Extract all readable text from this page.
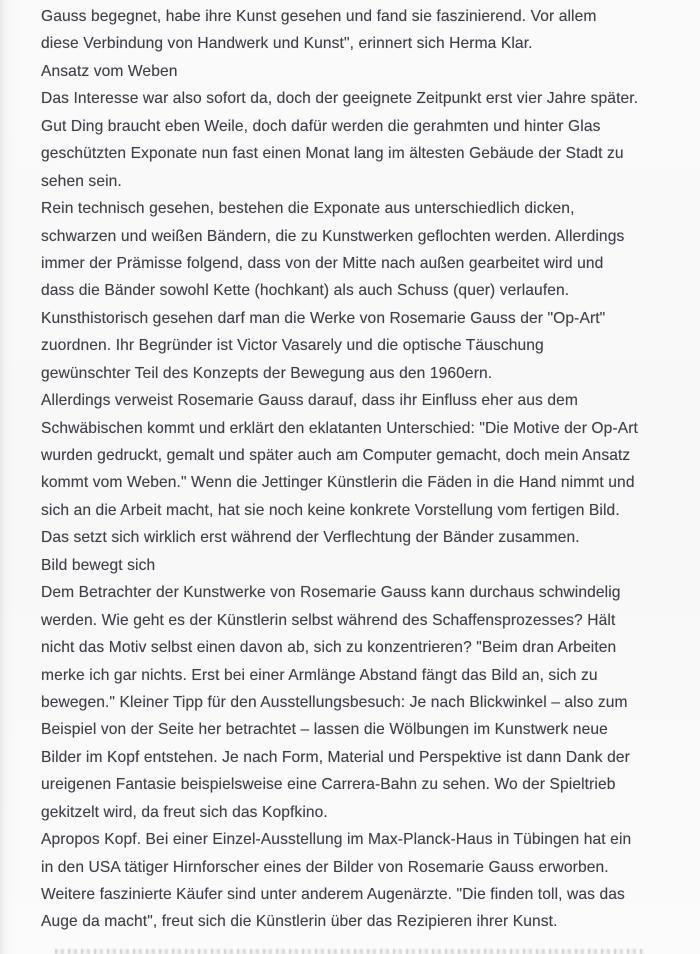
Gauss begegnet, habe ihre Kunst gesehen und fand sie faszinierend. Vor allem
diese Verbindung von Handwerk und Kunst", erinnert sich Herma Klar.
Ansatz vom Weben
Das Interesse war also sofort da, doch der geeignete Zeitpunkt erst vier Jahre später.
Gut Ding braucht eben Weile, doch dafür werden die gerahmten und hinter Glas
geschützten Exponate nun fast einen Monat lang im ältesten Gebäude der Stadt zu
sehen sein.
Rein technisch gesehen, bestehen die Exponate aus unterschiedlich dicken,
schwarzen und weißen Bändern, die zu Kunstwerken geflochten werden. Allerdings
immer der Prämisse folgend, dass von der Mitte nach außen gearbeitet wird und
dass die Bänder sowohl Kette (hochkant) als auch Schuss (quer) verlaufen.
Kunsthistorisch gesehen darf man die Werke von Rosemarie Gauss der "Op-Art"
zuordnen. Ihr Begründer ist Victor Vasarely und die optische Täuschung
gewünschter Teil des Konzepts der Bewegung aus den 1960ern.
Allerdings verweist Rosemarie Gauss darauf, dass ihr Einfluss eher aus dem
Schwäbischen kommt und erklärt den eklatanten Unterschied: "Die Motive der Op-Art
wurden gedruckt, gemalt und später auch am Computer gemacht, doch mein Ansatz
kommt vom Weben." Wenn die Jettinger Künstlerin die Fäden in die Hand nimmt und
sich an die Arbeit macht, hat sie noch keine konkrete Vorstellung vom fertigen Bild.
Das setzt sich wirklich erst während der Verflechtung der Bänder zusammen.
Bild bewegt sich
Dem Betrachter der Kunstwerke von Rosemarie Gauss kann durchaus schwindelig
werden. Wie geht es der Künstlerin selbst während des Schaffensprozesses? Hält
nicht das Motiv selbst einen davon ab, sich zu konzentrieren? "Beim dran Arbeiten
merke ich gar nichts. Erst bei einer Armlänge Abstand fängt das Bild an, sich zu
bewegen." Kleiner Tipp für den Ausstellungsbesuch: Je nach Blickwinkel – also zum
Beispiel von der Seite her betrachtet – lassen die Wölbungen im Kunstwerk neue
Bilder im Kopf entstehen. Je nach Form, Material und Perspektive ist dann Dank der
ureigenen Fantasie beispielsweise eine Carrera-Bahn zu sehen. Wo der Spieltrieb
gekitzelt wird, da freut sich das Kopfkino.
Apropos Kopf. Bei einer Einzel-Ausstellung im Max-Planck-Haus in Tübingen hat ein
in den USA tätiger Hirnforscher eines der Bilder von Rosemarie Gauss erworben.
Weitere faszinierte Käufer sind unter anderem Augenärzte. "Die finden toll, was das
Auge da macht", freut sich die Künstlerin über das Rezipieren ihrer Kunst.
